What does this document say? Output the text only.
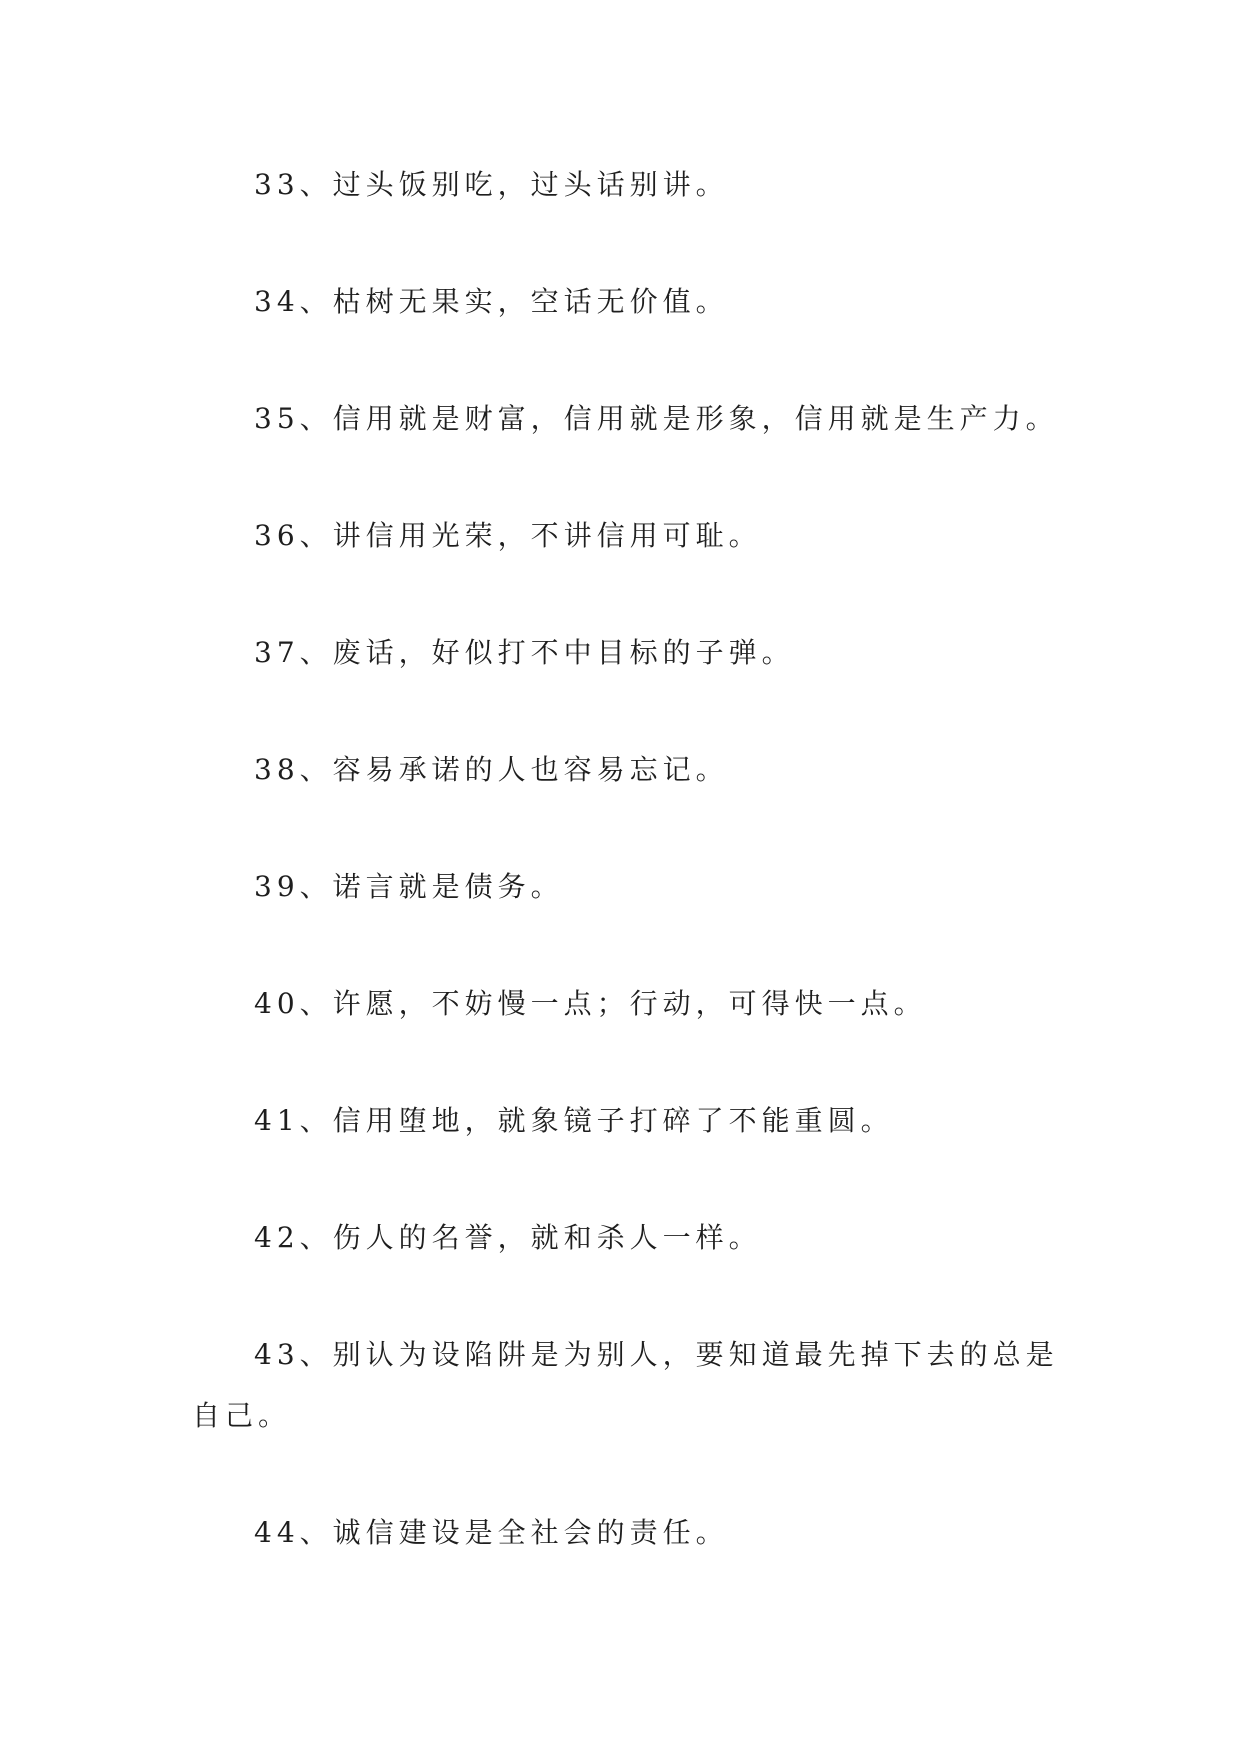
33、过头饭别吃，过头话别讲。

34、枯树无果实，空话无价值。

35、信用就是财富，信用就是形象，信用就是生产力。

36、讲信用光荣，不讲信用可耻。

37、废话，好似打不中目标的子弹。

38、容易承诺的人也容易忘记。

39、诺言就是债务。

40、许愿，不妨慢一点；行动，可得快一点。

41、信用堕地，就象镜子打碎了不能重圆。

42、伤人的名誉，就和杀人一样。

43、别认为设陷阱是为别人，要知道最先掉下去的总是自己。

44、诚信建设是全社会的责任。
